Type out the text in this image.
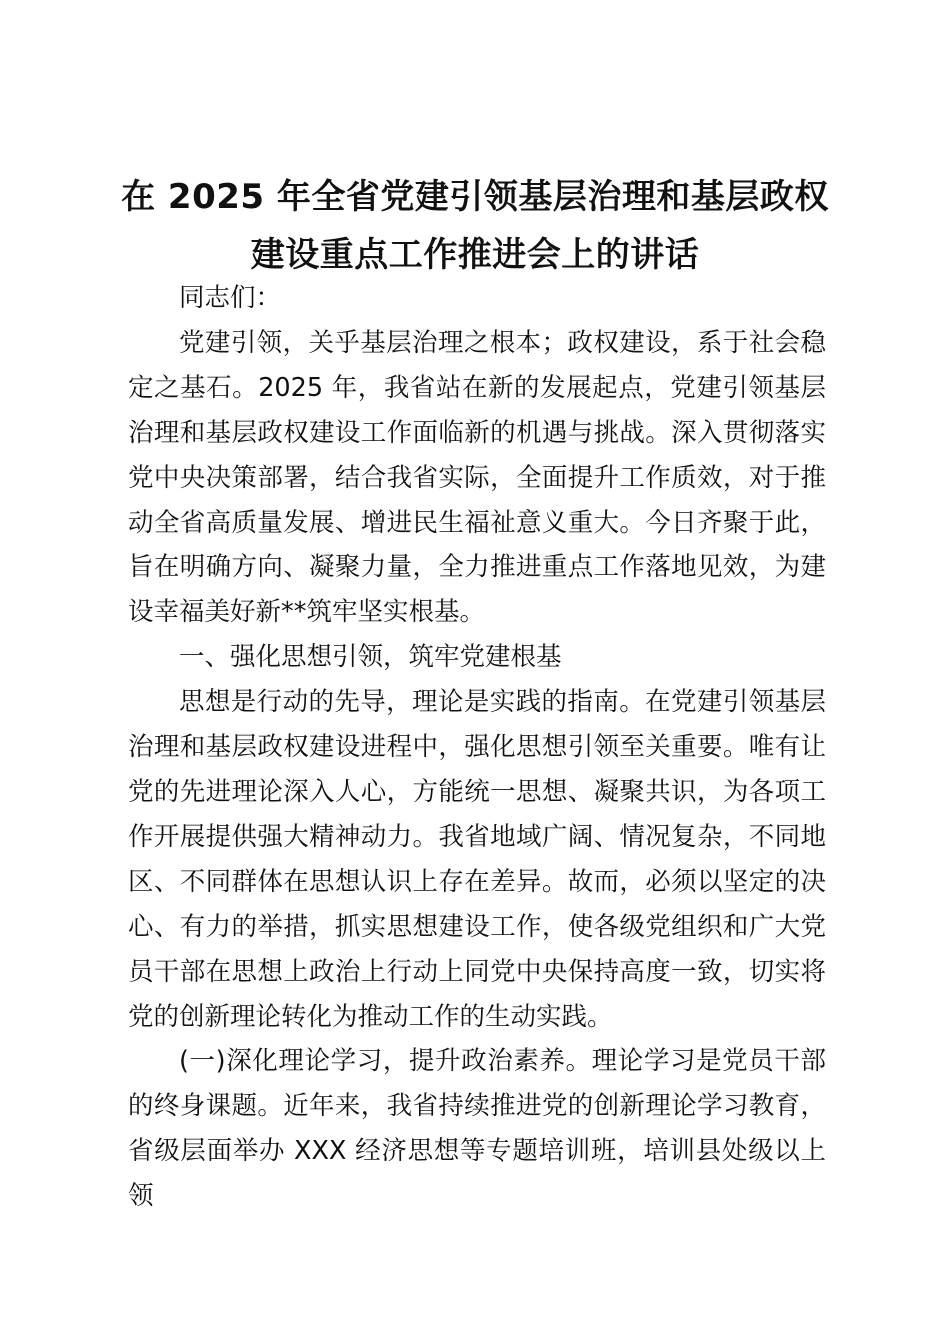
在 2025 年全省党建引领基层治理和基层政权
建设重点工作推进会上的讲话

同志们：

党建引领，关乎基层治理之根本；政权建设，系于社会稳定之基石。2025 年，我省站在新的发展起点，党建引领基层治理和基层政权建设工作面临新的机遇与挑战。深入贯彻落实党中央决策部署，结合我省实际，全面提升工作质效，对于推动全省高质量发展、增进民生福祉意义重大。今日齐聚于此，旨在明确方向、凝聚力量，全力推进重点工作落地见效，为建设幸福美好新**筑牢坚实根基。

一、强化思想引领，筑牢党建根基

思想是行动的先导，理论是实践的指南。在党建引领基层治理和基层政权建设进程中，强化思想引领至关重要。唯有让党的先进理论深入人心，方能统一思想、凝聚共识，为各项工作开展提供强大精神动力。我省地域广阔、情况复杂，不同地区、不同群体在思想认识上存在差异。故而，必须以坚定的决心、有力的举措，抓实思想建设工作，使各级党组织和广大党员干部在思想上政治上行动上同党中央保持高度一致，切实将党的创新理论转化为推动工作的生动实践。

(一)深化理论学习，提升政治素养。理论学习是党员干部的终身课题。近年来，我省持续推进党的创新理论学习教育，省级层面举办 XXX 经济思想等专题培训班，培训县处级以上领
